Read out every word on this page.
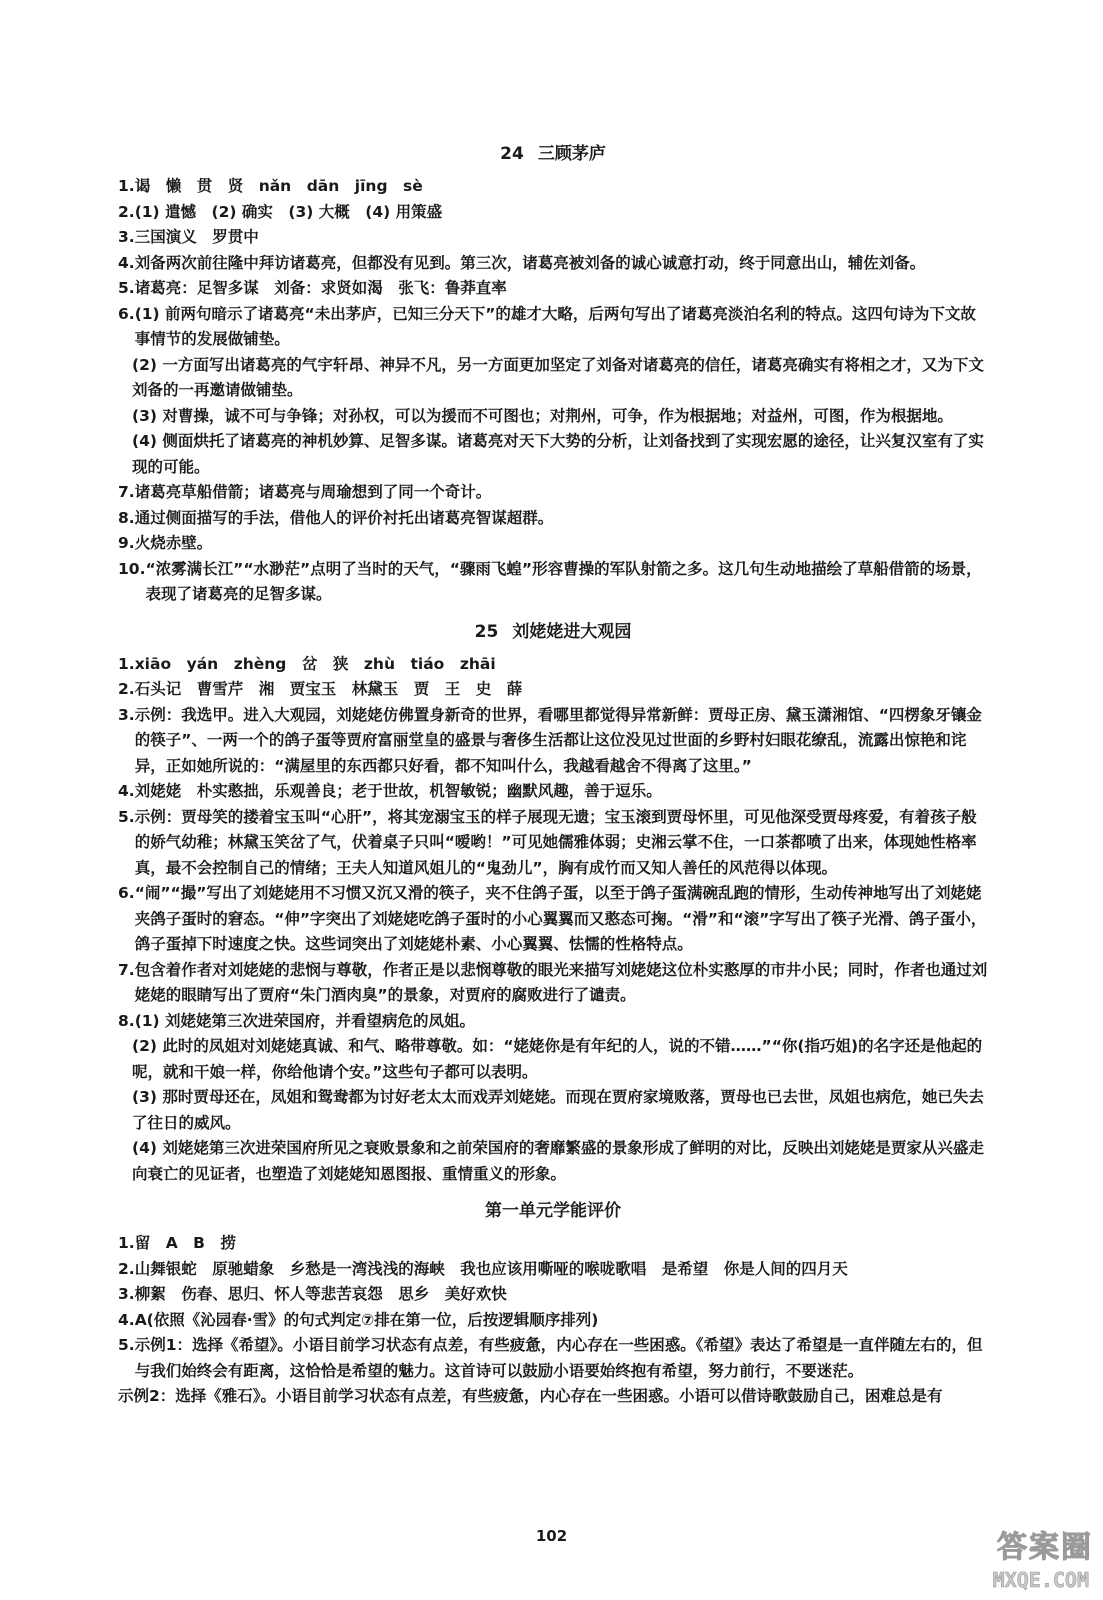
24 三顾茅庐
1. 谒　懒　贯　贤　nǎn　dān　jīng　sè
2. (1) 遣憾　(2) 确实　(3) 大概　(4) 用策盛
3. 三国演义　罗贯中
4. 刘备两次前往隆中拜访诸葛亮，但都没有见到。第三次，诸葛亮被刘备的诚心诚意打动，终于同意出山，辅佐刘备。
5. 诸葛亮：足智多谋　刘备：求贤如渴　张飞：鲁莽直率
6. (1) 前两句暗示了诸葛亮“未出茅庐，已知三分天下”的雄才大略，后两句写出了诸葛亮淡泊名利的特点。这四句诗为下文故事情节的发展做铺垫。
(2) 一方面写出诸葛亮的气宇轩昂、神异不凡，另一方面更加坚定了刘备对诸葛亮的信任，诸葛亮确实有将相之才，又为下文刘备的一再邀请做铺垫。
(3) 对曹操，诚不可与争锋；对孙权，可以为援而不可图也；对荆州，可争，作为根据地；对益州，可图，作为根据地。
(4) 侧面烘托了诸葛亮的神机妙算、足智多谋。诸葛亮对天下大势的分析，让刘备找到了实现宏愿的途径，让兴复汉室有了实现的可能。
7. 诸葛亮草船借箭；诸葛亮与周瑜想到了同一个奇计。
8. 通过侧面描写的手法，借他人的评价衬托出诸葛亮智谋超群。
9. 火烧赤壁。
10. “浓雾满长江”“水渺茫”点明了当时的天气，“骤雨飞蝗”形容曹操的军队射箭之多。这几句生动地描绘了草船借箭的场景，表现了诸葛亮的足智多谋。
25 刘姥姥进大观园
1. xiāo　yán　zhèng　岔　狭　zhù　tiáo　zhāi
2. 石头记　曹雪芹　湘　贾宝玉　林黛玉　贾　王　史　薛
3. 示例：我选甲。进入大观园，刘姥姥仿佛置身新奇的世界，看哪里都觉得异常新鲜：贾母正房、黛玉潇湘馆、“四楞象牙镶金的筷子”、一两一个的鸽子蛋等贾府富丽堂皇的盛景与奢侈生活都让这位没见过世面的乡野村妇眼花缭乱，流露出惊艳和诧异，正如她所说的：“满屋里的东西都只好看，都不知叫什么，我越看越舍不得离了这里。”
4. 刘姥姥　朴实憨拙，乐观善良；老于世故，机智敏锐；幽默风趣，善于逗乐。
5. 示例：贾母笑的搂着宝玉叫“心肝”，将其宠溺宝玉的样子展现无遗；宝玉滚到贾母怀里，可见他深受贾母疼爱，有着孩子般的娇气幼稚；林黛玉笑岔了气，伏着桌子只叫“嗳哟！”可见她儒雅体弱；史湘云掌不住，一口茶都喷了出来，体现她性格率真，最不会控制自己的情绪；王夫人知道风姐儿的“鬼劲儿”，胸有成竹而又知人善任的风范得以体现。
6. “闹”“撮”写出了刘姥姥用不习惯又沉又滑的筷子，夹不住鸽子蛋，以至于鸽子蛋满碗乱跑的情形，生动传神地写出了刘姥姥夹鸽子蛋时的窘态。“伸”字突出了刘姥姥吃鸽子蛋时的小心翼翼而又憨态可掬。“滑”和“滚”字写出了筷子光滑、鸽子蛋小，鸽子蛋掉下时速度之快。这些词突出了刘姥姥朴素、小心翼翼、怯懦的性格特点。
7. 包含着作者对刘姥姥的悲悯与尊敬，作者正是以悲悯尊敬的眼光来描写刘姥姥这位朴实憨厚的市井小民；同时，作者也通过刘姥姥的眼睛写出了贾府“朱门酒肉臭”的景象，对贾府的腐败进行了谴责。
8. (1) 刘姥姥第三次进荣国府，并看望病危的凤姐。
(2) 此时的凤姐对刘姥姥真诚、和气、略带尊敬。如：“姥姥你是有年纪的人，说的不错……”“你(指巧姐)的名字还是他起的呢，就和干娘一样，你给他请个安。”这些句子都可以表明。
(3) 那时贾母还在，凤姐和鸳鸯都为讨好老太太而戏弄刘姥姥。而现在贾府家境败落，贾母也已去世，凤姐也病危，她已失去了往日的威风。
(4) 刘姥姥第三次进荣国府所见之衰败景象和之前荣国府的奢靡繁盛的景象形成了鲜明的对比，反映出刘姥姥是贾家从兴盛走向衰亡的见证者，也塑造了刘姥姥知恩图报、重情重义的形象。
第一单元学能评价
1. 留　A　B　捞
2. 山舞银蛇　原驰蜡象　乡愁是一湾浅浅的海峡　我也应该用嘶哑的喉咙歌唱　是希望　你是人间的四月天
3. 柳絮　伤春、思归、怀人等悲苦哀怨　思乡　美好欢快
4. A(依照《沁园春·雪》的句式判定⑦排在第一位，后按逻辑顺序排列)
5. 示例1：选择《希望》。小语目前学习状态有点差，有些疲惫，内心存在一些困惑。《希望》表达了希望是一直伴随左右的，但与我们始终会有距离，这恰恰是希望的魅力。这首诗可以鼓励小语要始终抱有希望，努力前行，不要迷茫。
示例2：选择《雅石》。小语目前学习状态有点差，有些疲惫，内心存在一些困惑。小语可以借诗歌鼓励自己，困难总是有
102	答案圈
MXQE.COM
